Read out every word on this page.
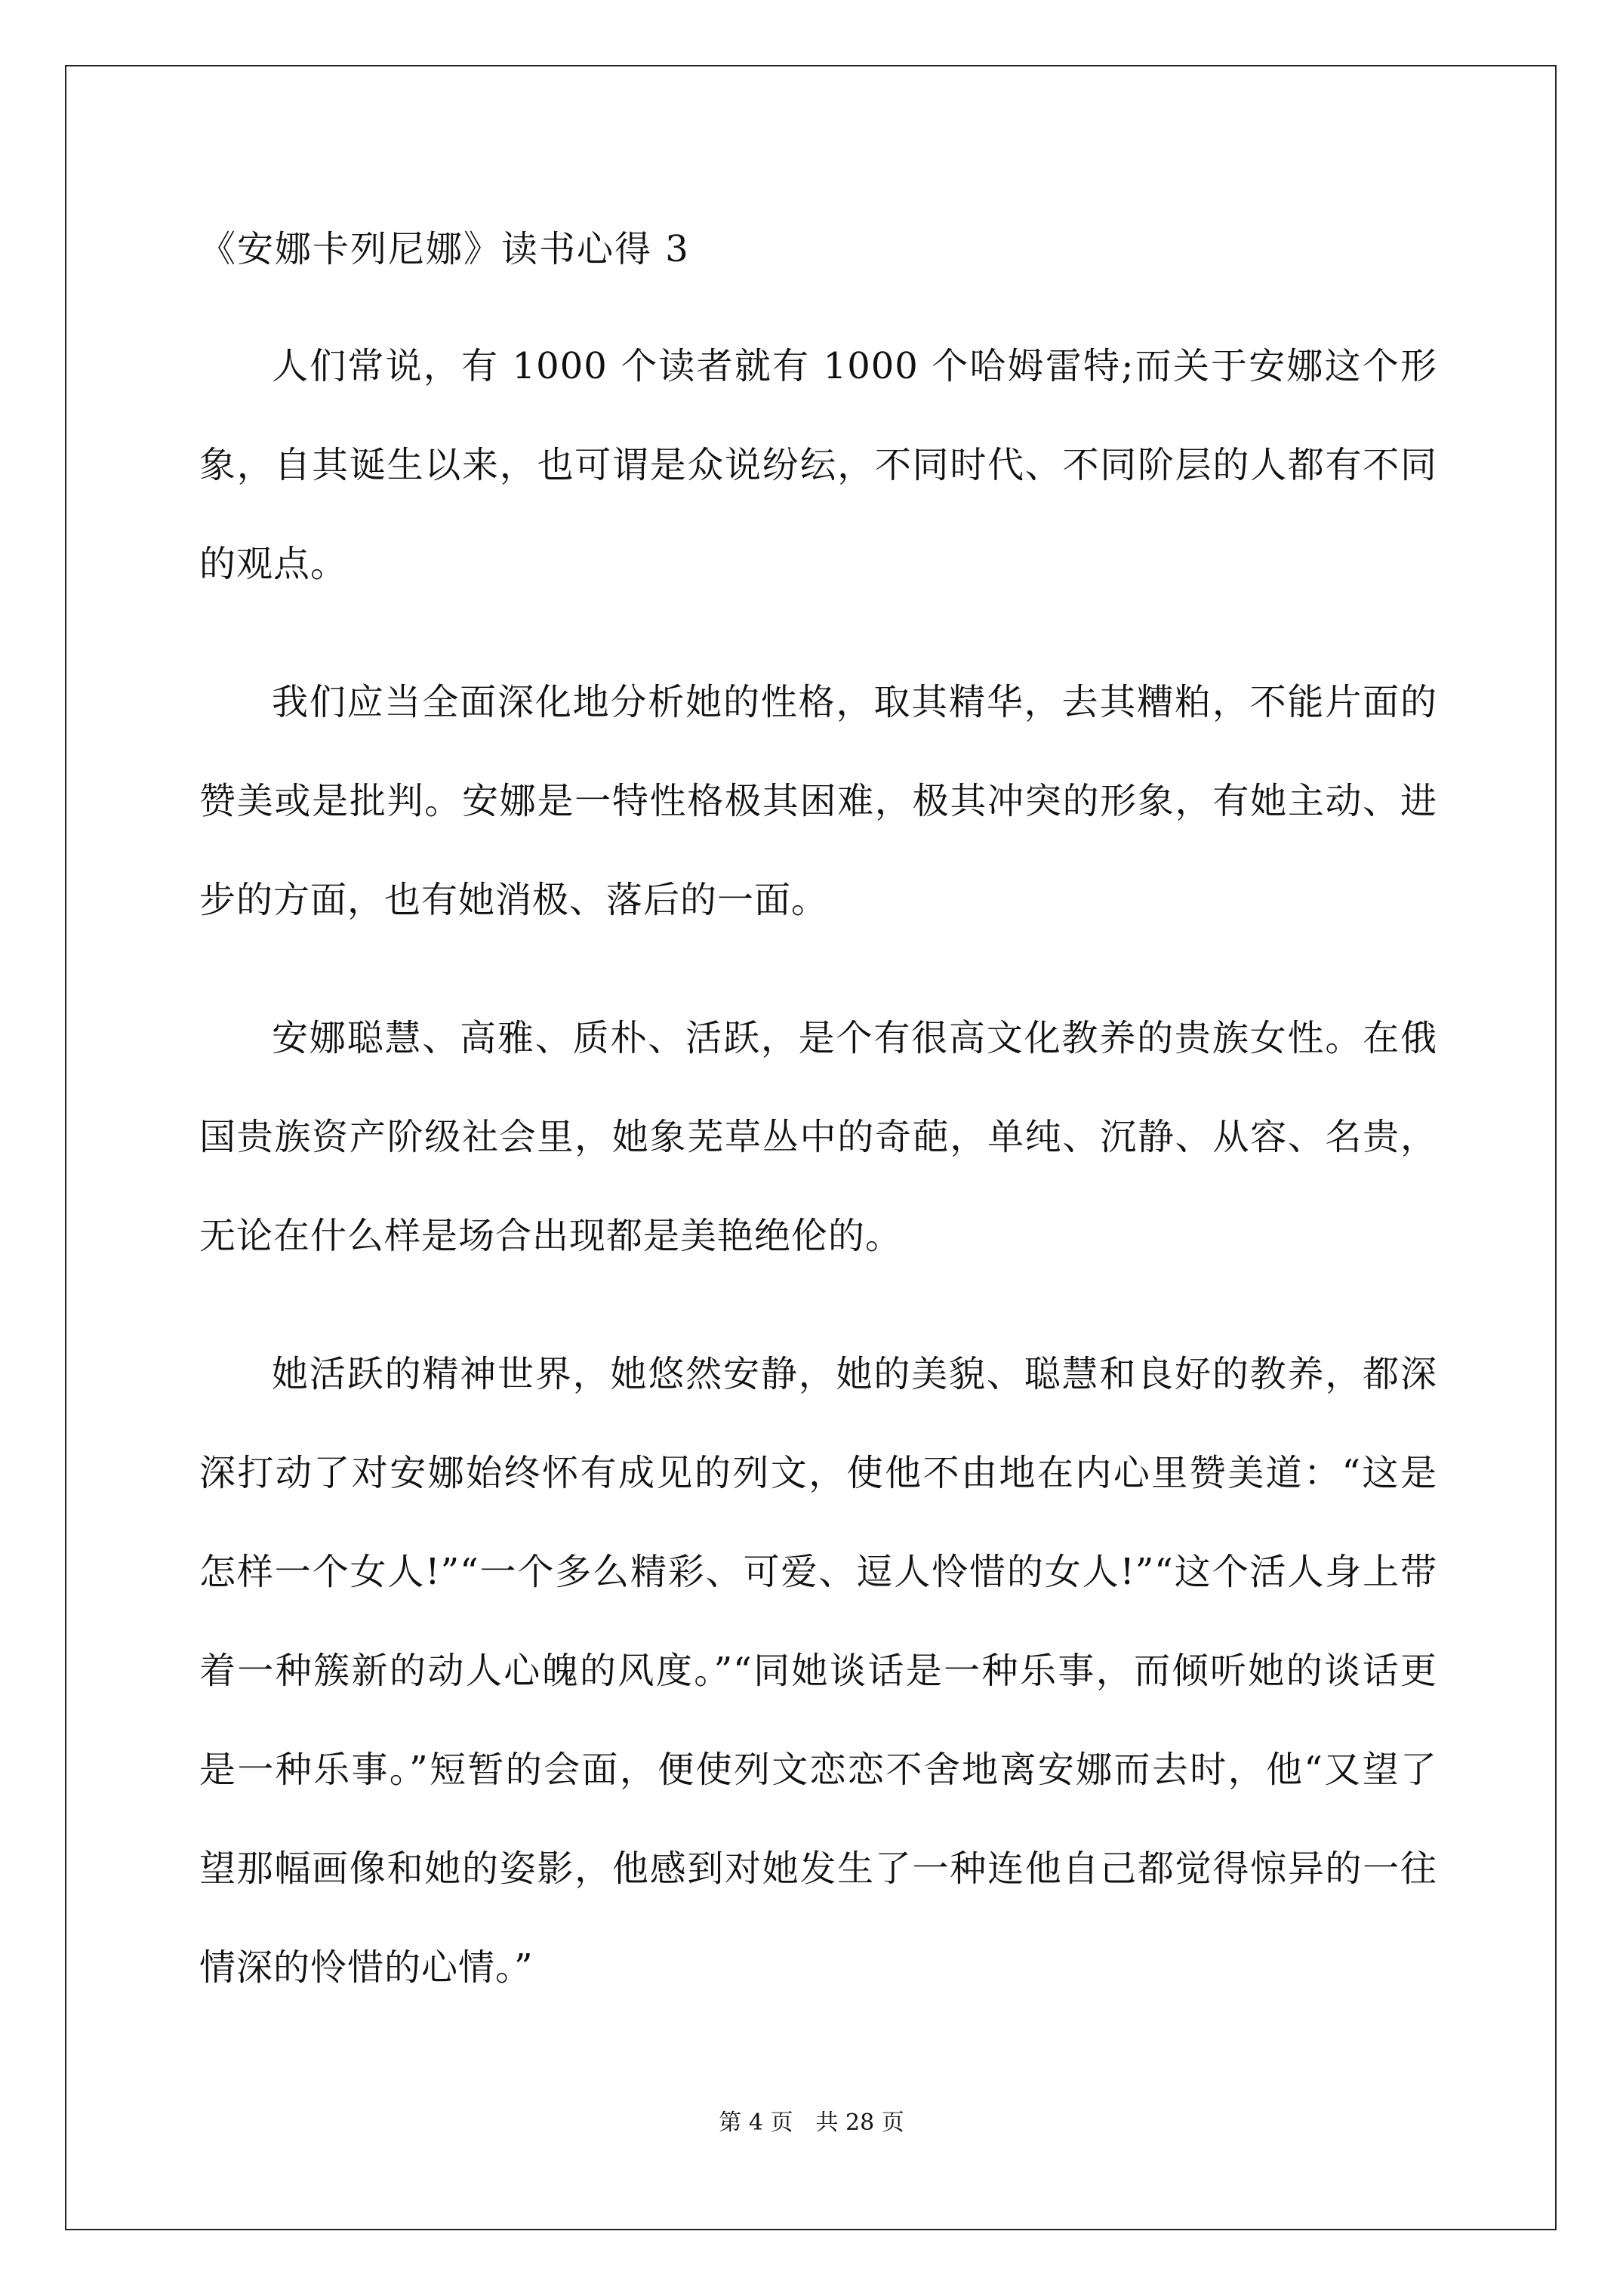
《安娜卡列尼娜》读书心得 3

人们常说，有 1000 个读者就有 1000 个哈姆雷特;而关于安娜这个形象，自其诞生以来，也可谓是众说纷纭，不同时代、不同阶层的人都有不同的观点。

我们应当全面深化地分析她的性格，取其精华，去其糟粕，不能片面的赞美或是批判。安娜是一特性格极其困难，极其冲突的形象，有她主动、进步的方面，也有她消极、落后的一面。

安娜聪慧、高雅、质朴、活跃，是个有很高文化教养的贵族女性。在俄国贵族资产阶级社会里，她象芜草丛中的奇葩，单纯、沉静、从容、名贵，无论在什么样是场合出现都是美艳绝伦的。

她活跃的精神世界，她悠然安静，她的美貌、聪慧和良好的教养，都深深打动了对安娜始终怀有成见的列文，使他不由地在内心里赞美道：“这是怎样一个女人!”“一个多么精彩、可爱、逗人怜惜的女人!”“这个活人身上带着一种簇新的动人心魄的风度。”“同她谈话是一种乐事，而倾听她的谈话更是一种乐事。”短暂的会面，便使列文恋恋不舍地离安娜而去时，他“又望了望那幅画像和她的姿影，他感到对她发生了一种连他自己都觉得惊异的一往情深的怜惜的心情。”

第 4 页　共 28 页
